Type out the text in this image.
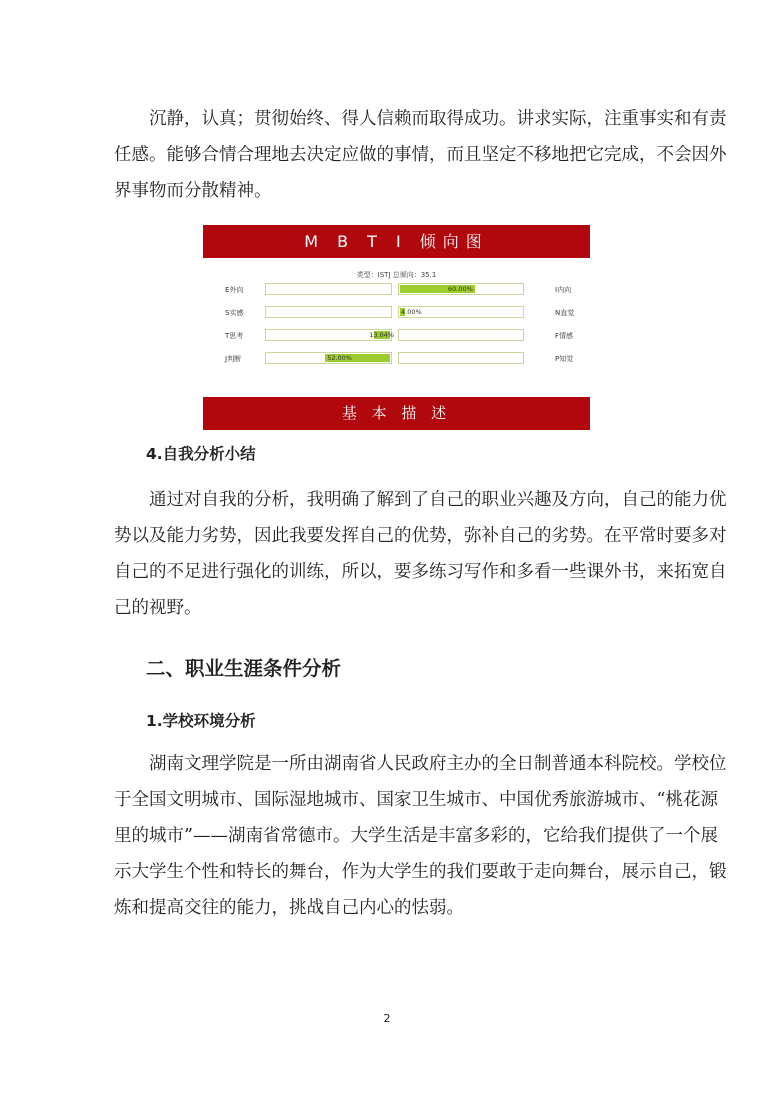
沉静，认真；贯彻始终、得人信赖而取得成功。讲求实际，注重事实和有责
任感。能够合情合理地去决定应做的事情，而且坚定不移地把它完成，不会因外
界事物而分散精神。
M B T I 倾向图
类型：ISTJ 总倾向：35.1
E外向	60.00%	I内向
S实感	4.00%	N直觉
T思考	13.04%	F情感
J判断	52.00%	P知觉
基 本 描 述
4.自我分析小结
通过对自我的分析，我明确了解到了自己的职业兴趣及方向，自己的能力优
势以及能力劣势，因此我要发挥自己的优势，弥补自己的劣势。在平常时要多对
自己的不足进行强化的训练，所以，要多练习写作和多看一些课外书，来拓宽自
己的视野。
二、职业生涯条件分析
1.学校环境分析
湖南文理学院是一所由湖南省人民政府主办的全日制普通本科院校。学校位
于全国文明城市、国际湿地城市、国家卫生城市、中国优秀旅游城市、“桃花源
里的城市”——湖南省常德市。大学生活是丰富多彩的，它给我们提供了一个展
示大学生个性和特长的舞台，作为大学生的我们要敢于走向舞台，展示自己，锻
炼和提高交往的能力，挑战自己内心的怯弱。
2
